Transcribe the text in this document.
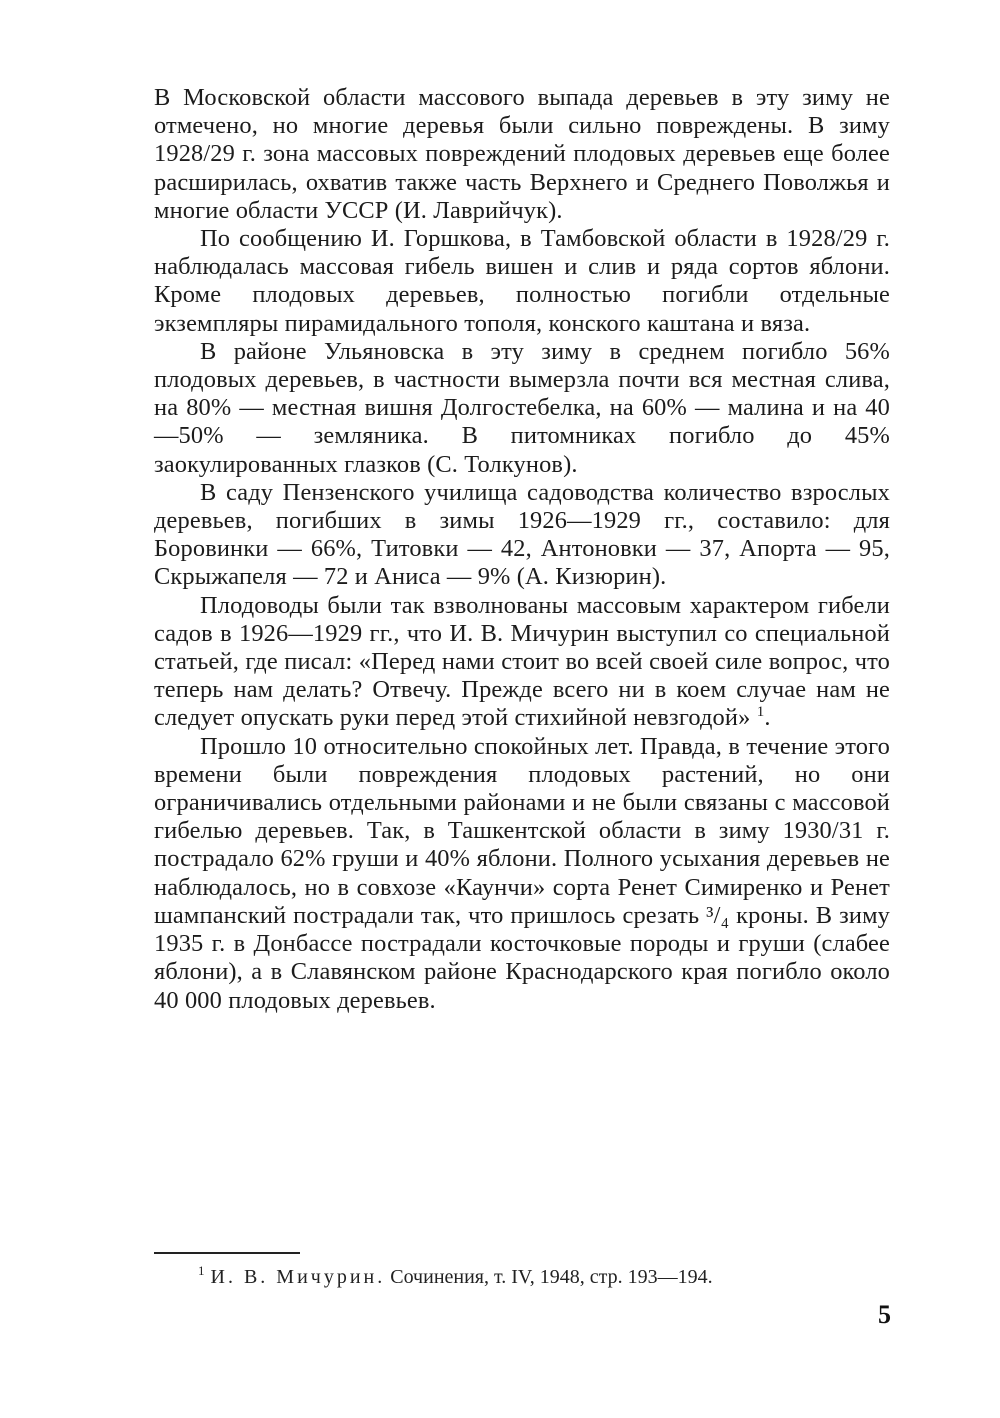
В Московской области массового выпада деревьев в эту зиму не отмечено, но многие деревья были сильно повреждены. В зиму 1928/29 г. зона массовых повреждений плодовых деревьев еще более расширилась, охватив также часть Верхнего и Среднего Поволжья и многие области УССР (И. Лаврийчук).

По сообщению И. Горшкова, в Тамбовской области в 1928/29 г. наблюдалась массовая гибель вишен и слив и ряда сортов яблони. Кроме плодовых деревьев, полностью погибли отдельные экземпляры пирамидального тополя, конского каштана и вяза.

В районе Ульяновска в эту зиму в среднем погибло 56% плодовых деревьев, в частности вымерзла почти вся местная слива, на 80% — местная вишня Долгостебелка, на 60% — малина и на 40—50% — земляника. В питомниках погибло до 45% заокулированных глазков (С. Толкунов).

В саду Пензенского училища садоводства количество взрослых деревьев, погибших в зимы 1926—1929 гг., составило: для Боровинки — 66%, Титовки — 42, Антоновки — 37, Апорта — 95, Скрыжапеля — 72 и Аниса — 9% (А. Кизюрин).

Плодоводы были так взволнованы массовым характером гибели садов в 1926—1929 гг., что И. В. Мичурин выступил со специальной статьей, где писал: «Перед нами стоит во всей своей силе вопрос, что теперь нам делать? Отвечу. Прежде всего ни в коем случае нам не следует опускать руки перед этой стихийной невзгодой» $^1$.

Прошло 10 относительно спокойных лет. Правда, в течение этого времени были повреждения плодовых растений, но они ограничивались отдельными районами и не были связаны с массовой гибелью деревьев. Так, в Ташкентской области в зиму 1930/31 г. пострадало 62% груши и 40% яблони. Полного усыхания деревьев не наблюдалось, но в совхозе «Каунчи» сорта Ренет Симиренко и Ренет шампанский пострадали так, что пришлось срезать ³/₄ кроны. В зиму 1935 г. в Донбассе пострадали косточковые породы и груши (слабее яблони), а в Славянском районе Краснодарского края погибло около 40 000 плодовых деревьев.

$^1$ И. В. Мичурин. Сочинения, т. IV, 1948, стр. 193—194.
5
